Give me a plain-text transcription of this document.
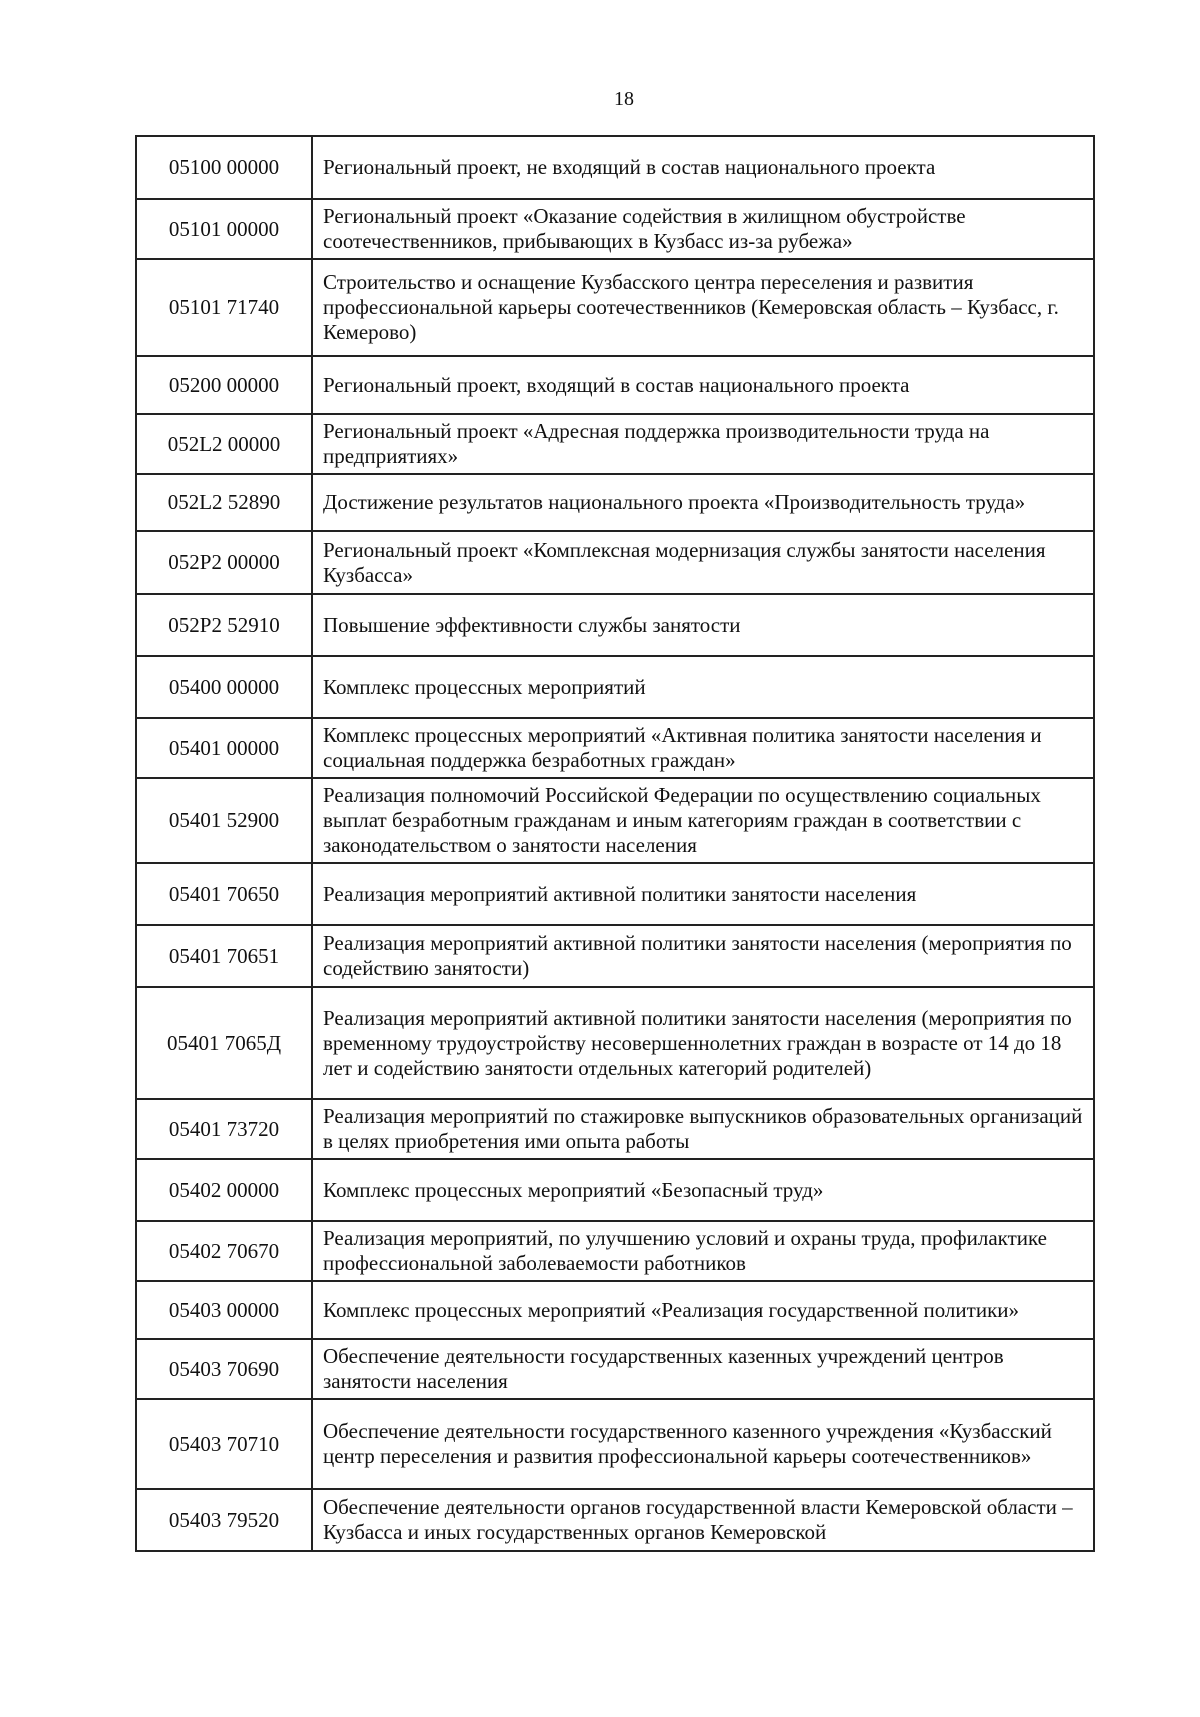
18
05100 00000	Региональный проект, не входящий в состав национального проекта
05101 00000	Региональный проект «Оказание содействия в жилищном обустройстве соотечественников, прибывающих в Кузбасс из-за рубежа»
05101 71740	Строительство и оснащение Кузбасского центра переселения и развития профессиональной карьеры соотечественников (Кемеровская область – Кузбасс, г. Кемерово)
05200 00000	Региональный проект, входящий в состав национального проекта
052L2 00000	Региональный проект «Адресная поддержка производительности труда на предприятиях»
052L2 52890	Достижение результатов национального проекта «Производительность труда»
052P2 00000	Региональный проект «Комплексная модернизация службы занятости населения Кузбасса»
052P2 52910	Повышение эффективности службы занятости
05400 00000	Комплекс процессных мероприятий
05401 00000	Комплекс процессных мероприятий «Активная политика занятости населения и социальная поддержка безработных граждан»
05401 52900	Реализация полномочий Российской Федерации по осуществлению социальных выплат безработным гражданам и иным категориям граждан в соответствии с законодательством о занятости населения
05401 70650	Реализация мероприятий активной политики занятости населения
05401 70651	Реализация мероприятий активной политики занятости населения (мероприятия по содействию занятости)
05401 7065Д	Реализация мероприятий активной политики занятости населения (мероприятия по временному трудоустройству несовершеннолетних граждан в возрасте от 14 до 18 лет и содействию занятости отдельных категорий родителей)
05401 73720	Реализация мероприятий по стажировке выпускников образовательных организаций в целях приобретения ими опыта работы
05402 00000	Комплекс процессных мероприятий «Безопасный труд»
05402 70670	Реализация мероприятий, по улучшению условий и охраны труда, профилактике профессиональной заболеваемости работников
05403 00000	Комплекс процессных мероприятий «Реализация государственной политики»
05403 70690	Обеспечение деятельности государственных казенных учреждений центров занятости населения
05403 70710	Обеспечение деятельности государственного казенного учреждения «Кузбасский центр переселения и развития профессиональной карьеры соотечественников»
05403 79520	Обеспечение деятельности органов государственной власти Кемеровской области – Кузбасса и иных государственных органов Кемеровской
